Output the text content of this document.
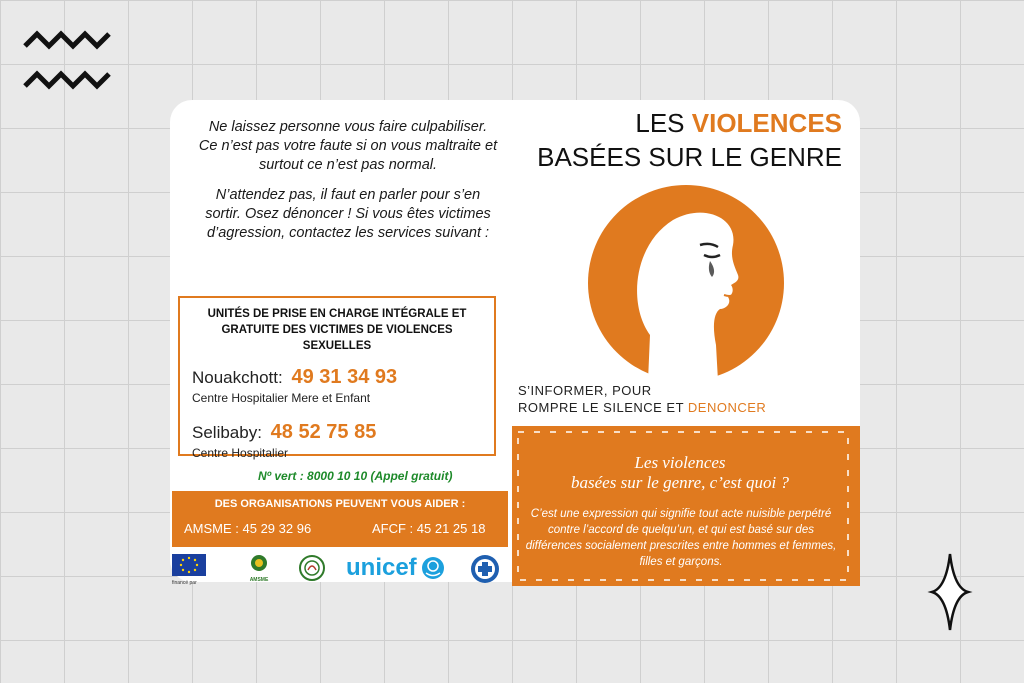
Ne laissez personne vous faire culpabiliser. Ce n’est pas votre faute si on vous maltraite et surtout ce n’est pas normal.

N’attendez pas, il faut en parler pour s’en sortir. Osez dénoncer ! Si vous êtes victimes d’agression, contactez les services suivant :

UNITÉS DE PRISE EN CHARGE INTÉGRALE ET
GRATUITE DES VICTIMES DE VIOLENCES SEXUELLES
Nouakchott: 49 31 34 93
Centre Hospitalier Mere et Enfant
Selibaby: 48 52 75 85
Centre Hospitalier
Nº vert : 8000 10 10 (Appel gratuit)
DES ORGANISATIONS PEUVENT VOUS AIDER :
AMSME : 45 29 32 96	AFCF : 45 21 25 18
financé par	AMSME	unicef
LES VIOLENCES
BASÉES SUR LE GENRE
S’INFORMER, POUR
ROMPRE LE SILENCE ET DENONCER
Les violences
basées sur le genre, c’est quoi ?
C’est une expression qui signifie tout acte nuisible perpétré contre l’accord de quelqu’un, et qui est basé sur des différences socialement prescrites entre hommes et femmes, filles et garçons.
